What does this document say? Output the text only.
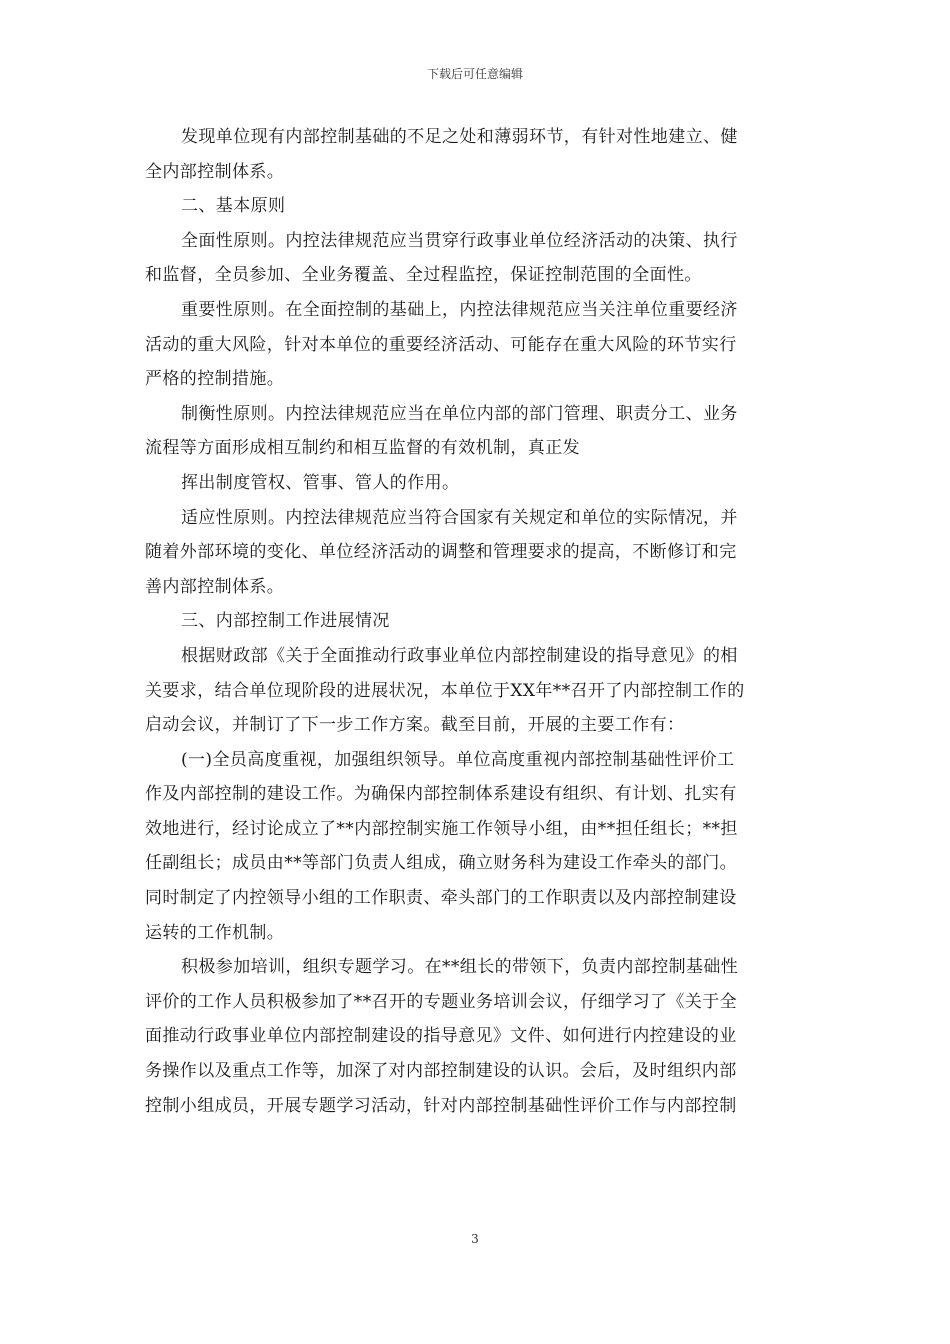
下载后可任意编辑
发现单位现有内部控制基础的不足之处和薄弱环节，有针对性地建立、健
全内部控制体系。
二、基本原则
全面性原则。内控法律规范应当贯穿行政事业单位经济活动的决策、执行
和监督，全员参加、全业务覆盖、全过程监控，保证控制范围的全面性。
重要性原则。在全面控制的基础上，内控法律规范应当关注单位重要经济
活动的重大风险，针对本单位的重要经济活动、可能存在重大风险的环节实行
严格的控制措施。
制衡性原则。内控法律规范应当在单位内部的部门管理、职责分工、业务
流程等方面形成相互制约和相互监督的有效机制，真正发
挥出制度管权、管事、管人的作用。
适应性原则。内控法律规范应当符合国家有关规定和单位的实际情况，并
随着外部环境的变化、单位经济活动的调整和管理要求的提高，不断修订和完
善内部控制体系。
三、内部控制工作进展情况
根据财政部《关于全面推动行政事业单位内部控制建设的指导意见》的相
关要求，结合单位现阶段的进展状况，本单位于XX年**召开了内部控制工作的
启动会议，并制订了下一步工作方案。截至目前，开展的主要工作有：
(一)全员高度重视，加强组织领导。单位高度重视内部控制基础性评价工
作及内部控制的建设工作。为确保内部控制体系建设有组织、有计划、扎实有
效地进行，经讨论成立了**内部控制实施工作领导小组，由**担任组长；**担
任副组长；成员由**等部门负责人组成，确立财务科为建设工作牵头的部门。
同时制定了内控领导小组的工作职责、牵头部门的工作职责以及内部控制建设
运转的工作机制。
积极参加培训，组织专题学习。在**组长的带领下，负责内部控制基础性
评价的工作人员积极参加了**召开的专题业务培训会议，仔细学习了《关于全
面推动行政事业单位内部控制建设的指导意见》文件、如何进行内控建设的业
务操作以及重点工作等，加深了对内部控制建设的认识。会后，及时组织内部
控制小组成员，开展专题学习活动，针对内部控制基础性评价工作与内部控制
3
